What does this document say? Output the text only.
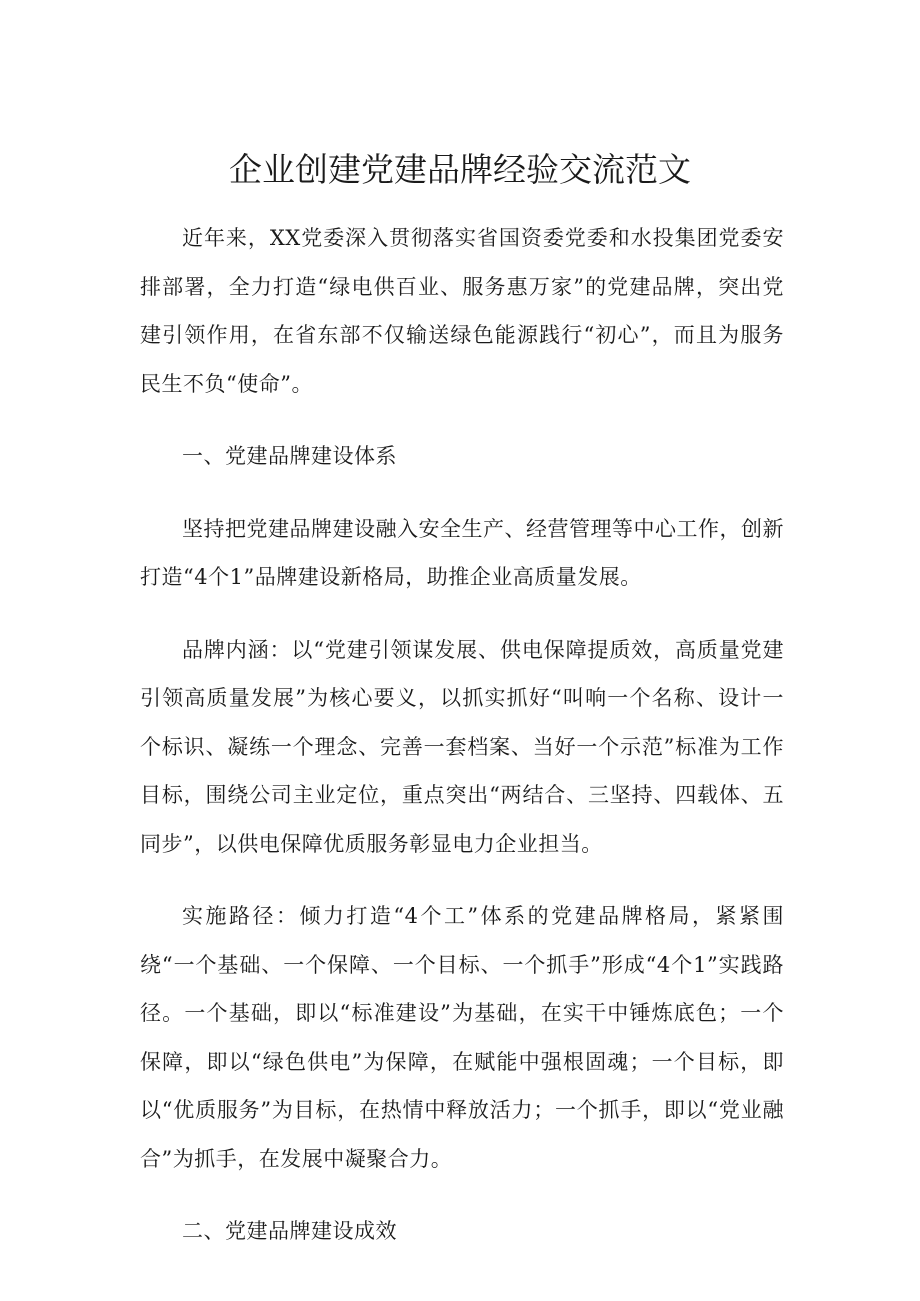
企业创建党建品牌经验交流范文

近年来，XX党委深入贯彻落实省国资委党委和水投集团党委安排部署，全力打造“绿电供百业、服务惠万家”的党建品牌，突出党建引领作用，在省东部不仅输送绿色能源践行“初心”，而且为服务民生不负“使命”。

一、党建品牌建设体系

坚持把党建品牌建设融入安全生产、经营管理等中心工作，创新打造“4个1”品牌建设新格局，助推企业高质量发展。

品牌内涵：以“党建引领谋发展、供电保障提质效，高质量党建引领高质量发展”为核心要义，以抓实抓好“叫响一个名称、设计一个标识、凝练一个理念、完善一套档案、当好一个示范”标准为工作目标，围绕公司主业定位，重点突出“两结合、三坚持、四载体、五同步”，以供电保障优质服务彰显电力企业担当。

实施路径：倾力打造“4个工”体系的党建品牌格局，紧紧围绕“一个基础、一个保障、一个目标、一个抓手”形成“4个1”实践路径。一个基础，即以“标准建设”为基础，在实干中锤炼底色；一个保障，即以“绿色供电”为保障，在赋能中强根固魂；一个目标，即以“优质服务”为目标，在热情中释放活力；一个抓手，即以“党业融合”为抓手，在发展中凝聚合力。

二、党建品牌建设成效
